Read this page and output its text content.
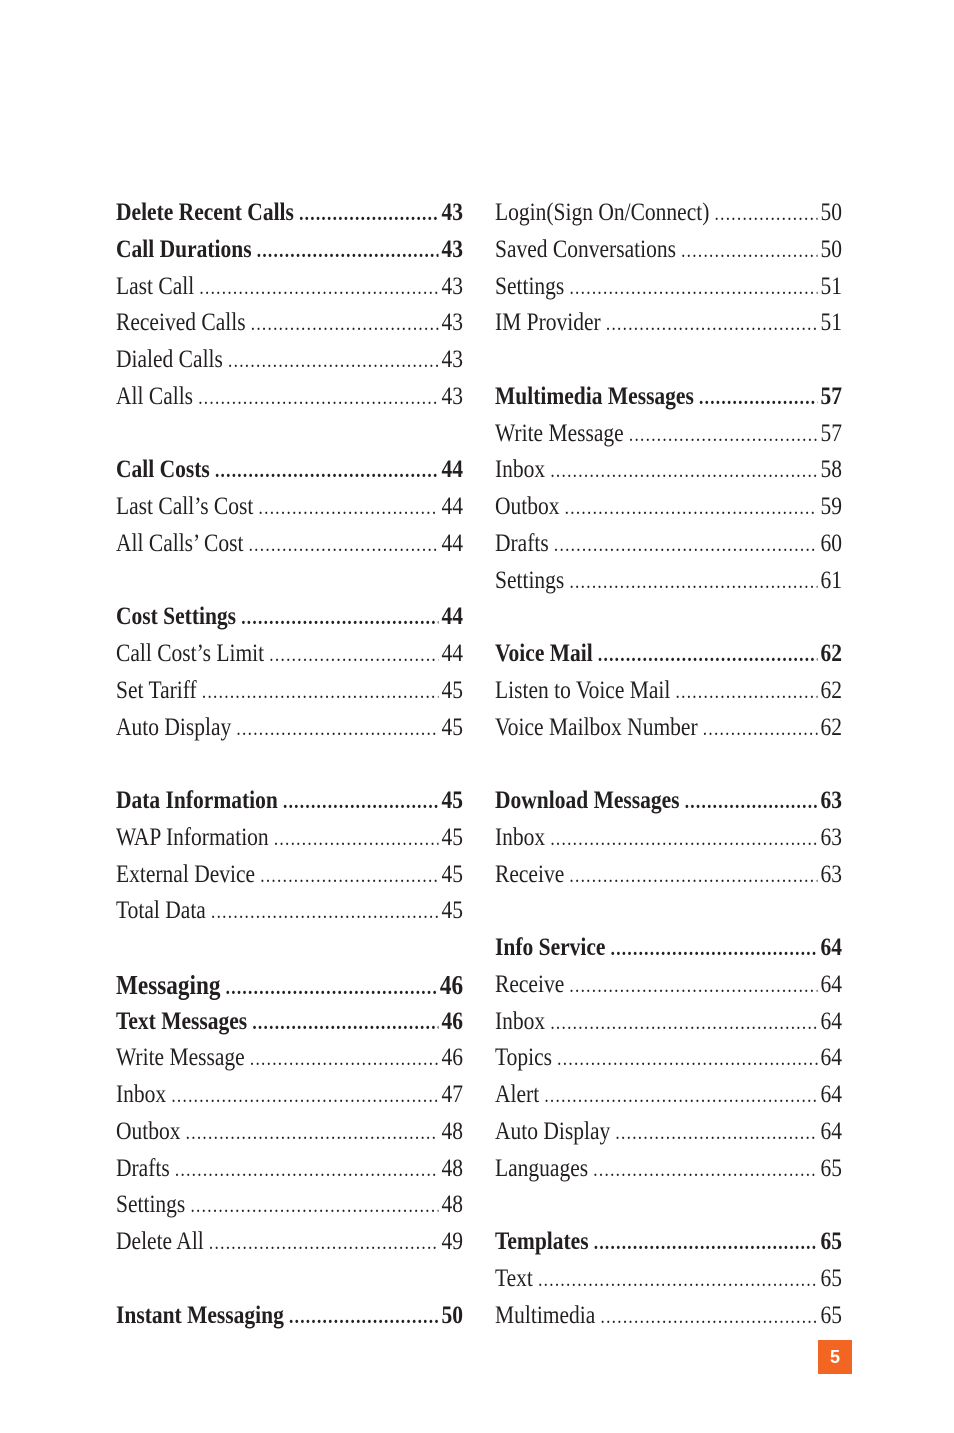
Delete Recent Calls .....	43
Call Durations .....	43
Last Call .....	43
Received Calls .....	43
Dialed Calls .....	43
All Calls .....	43
Call Costs .....	44
Last Call’s Cost .....	44
All Calls’ Cost .....	44
Cost Settings .....	44
Call Cost’s Limit .....	44
Set Tariff .....	45
Auto Display .....	45
Data Information .....	45
WAP Information .....	45
External Device .....	45
Total Data .....	45
Messaging .....	46
Text Messages .....	46
Write Message .....	46
Inbox .....	47
Outbox .....	48
Drafts .....	48
Settings .....	48
Delete All .....	49
Instant Messaging .....	50
Login(Sign On/Connect) .....	50
Saved Conversations .....	50
Settings .....	51
IM Provider .....	51
Multimedia Messages .....	57
Write Message .....	57
Inbox .....	58
Outbox .....	59
Drafts .....	60
Settings .....	61
Voice Mail .....	62
Listen to Voice Mail .....	62
Voice Mailbox Number .....	62
Download Messages .....	63
Inbox .....	63
Receive .....	63
Info Service .....	64
Receive .....	64
Inbox .....	64
Topics .....	64
Alert .....	64
Auto Display .....	64
Languages .....	65
Templates .....	65
Text .....	65
Multimedia .....	65
5
